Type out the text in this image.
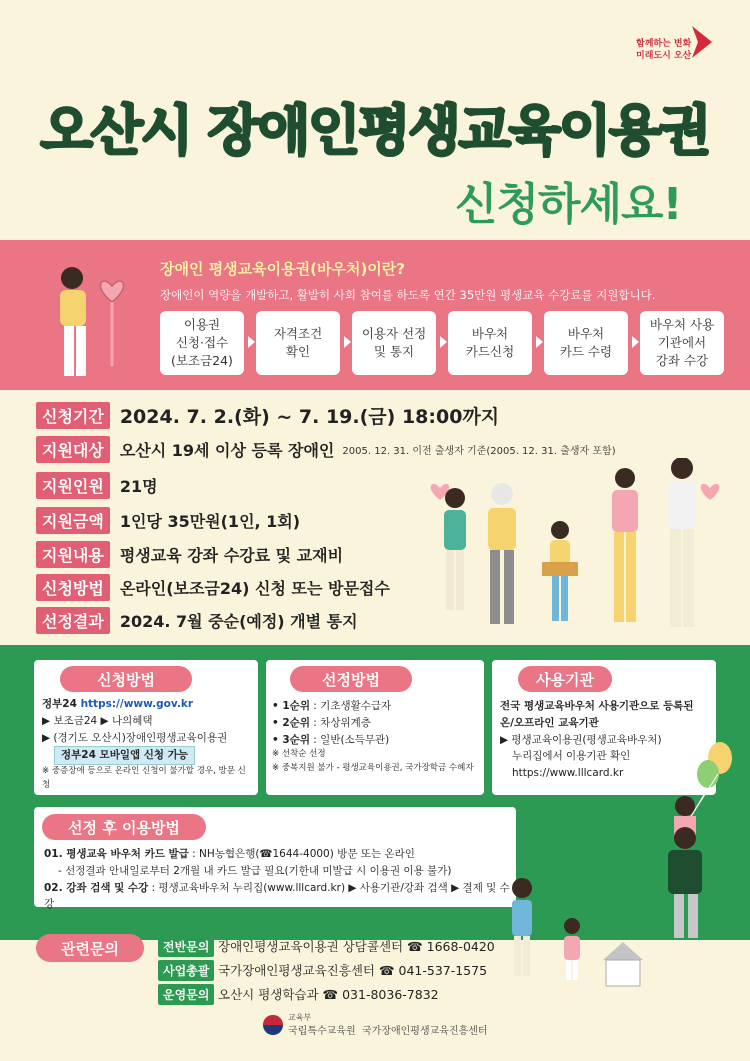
함께하는 변화
미래도시 오산
오산시 장애인평생교육이용권
신청하세요!
장애인 평생교육이용권(바우처)이란?
장애인이 역량을 개발하고, 활발히 사회 참여를 하도록 연간 35만원 평생교육 수강료를 지원합니다.
이용권
신청·접수
(보조금24)
자격조건
확인
이용자 선정
및 통지
바우처
카드신청
바우처
카드 수령
바우처 사용
기관에서
강좌 수강
신청기간 2024. 7. 2.(화) ~ 7. 19.(금) 18:00까지
지원대상	오산시 19세 이상 등록 장애인 2005. 12. 31. 이전 출생자 기준(2005. 12. 31. 출생자 포함)
지원인원	21명
지원금액	1인당 35만원(1인, 1회)
지원내용	평생교육 강좌 수강료 및 교재비
신청방법	온라인(보조금24) 신청 또는 방문접수
선정결과	2024. 7월 중순(예정) 개별 통지
신청방법
정부24 https://www.gov.kr
▶ 보조금24 ▶ 나의혜택
▶ (경기도 오산시)장애인평생교육이용권
정부24 모바일앱 신청 가능
※ 중증장애 등으로 온라인 신청이 불가할 경우, 방문 신청
선정방법
• 1순위 : 기초생활수급자
• 2순위 : 차상위계층
• 3순위 : 일반(소득무관)
※ 선착순 선정
※ 중복지원 불가 - 평생교육이용권, 국가장학금 수혜자
사용기관
전국 평생교육바우처 사용기관으로 등록된
온/오프라인 교육기관
▶ 평생교육이용권(평생교육바우처)
누리집에서 이용기관 확인
https://www.lllcard.kr
선정 후 이용방법
01. 평생교육 바우처 카드 발급 : NH농협은행(☎1644-4000) 방문 또는 온라인
- 선정결과 안내일로부터 2개월 내 카드 발급 필요(기한내 미발급 시 이용권 이용 불가)
02. 강좌 검색 및 수강 : 평생교육바우처 누리집(www.lllcard.kr) ▶ 사용기관/강좌 검색 ▶ 결제 및 수강
관련문의	전반문의 장애인평생교육이용권 상담콜센터 ☎ 1668-0420
사업총괄 국가장애인평생교육진흥센터 ☎ 041-537-1575
운영문의 오산시 평생학습과 ☎ 031-8036-7832
교육부
국립특수교육원 국가장애인평생교육진흥센터
